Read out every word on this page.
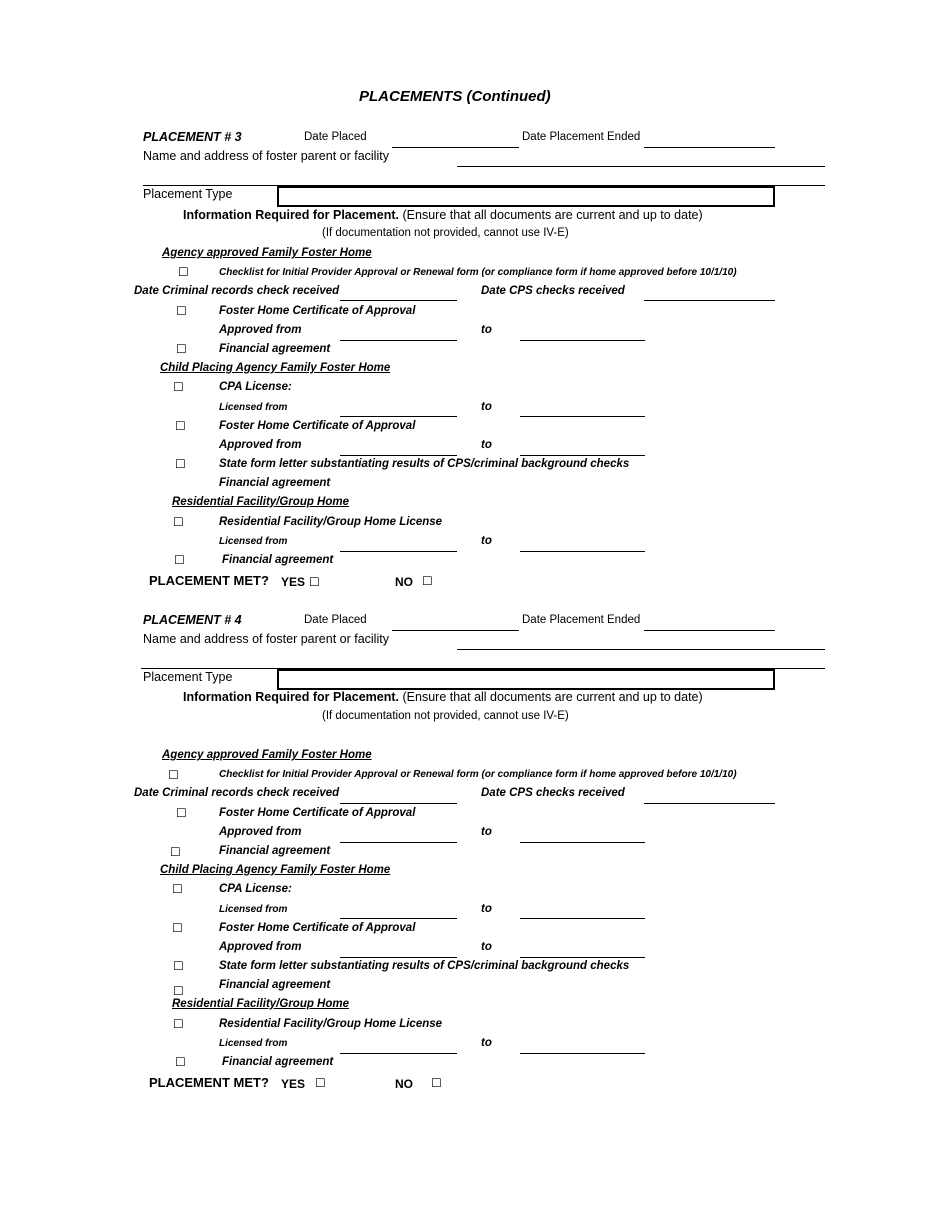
PLACEMENTS (Continued)
PLACEMENT # 3	Date Placed	Date Placement Ended
Name and address of foster parent or facility
Placement Type
Information Required for Placement. (Ensure that all documents are current and up to date)
(If documentation not provided, cannot use IV-E)
Agency approved Family Foster Home
☐	Checklist for Initial Provider Approval or Renewal form (or compliance form if home approved before 10/1/10)
Date Criminal records check received	Date CPS checks received
☐	Foster Home Certificate of Approval
Approved from	to
☐	Financial agreement
Child Placing Agency Family Foster Home
☐	CPA License:
Licensed from	to
☐	Foster Home Certificate of Approval
Approved from	to
☐	State form letter substantiating results of CPS/criminal background checks
Financial agreement
Residential Facility/Group Home
☐	Residential Facility/Group Home License
Licensed from	to
☐	Financial agreement
PLACEMENT MET? YES ☐	NO ☐
PLACEMENT # 4	Date Placed	Date Placement Ended
Name and address of foster parent or facility
Placement Type
Information Required for Placement. (Ensure that all documents are current and up to date)
(If documentation not provided, cannot use IV-E)
Agency approved Family Foster Home
☐	Checklist for Initial Provider Approval or Renewal form (or compliance form if home approved before 10/1/10)
Date Criminal records check received	Date CPS checks received
☐	Foster Home Certificate of Approval
Approved from	to
☐	Financial agreement
Child Placing Agency Family Foster Home
☐	CPA License:
Licensed from	to
☐	Foster Home Certificate of Approval
Approved from	to
☐	State form letter substantiating results of CPS/criminal background checks
Financial agreement
☐
Residential Facility/Group Home
☐	Residential Facility/Group Home License
Licensed from	to
☐	Financial agreement
PLACEMENT MET? YES ☐	NO ☐
